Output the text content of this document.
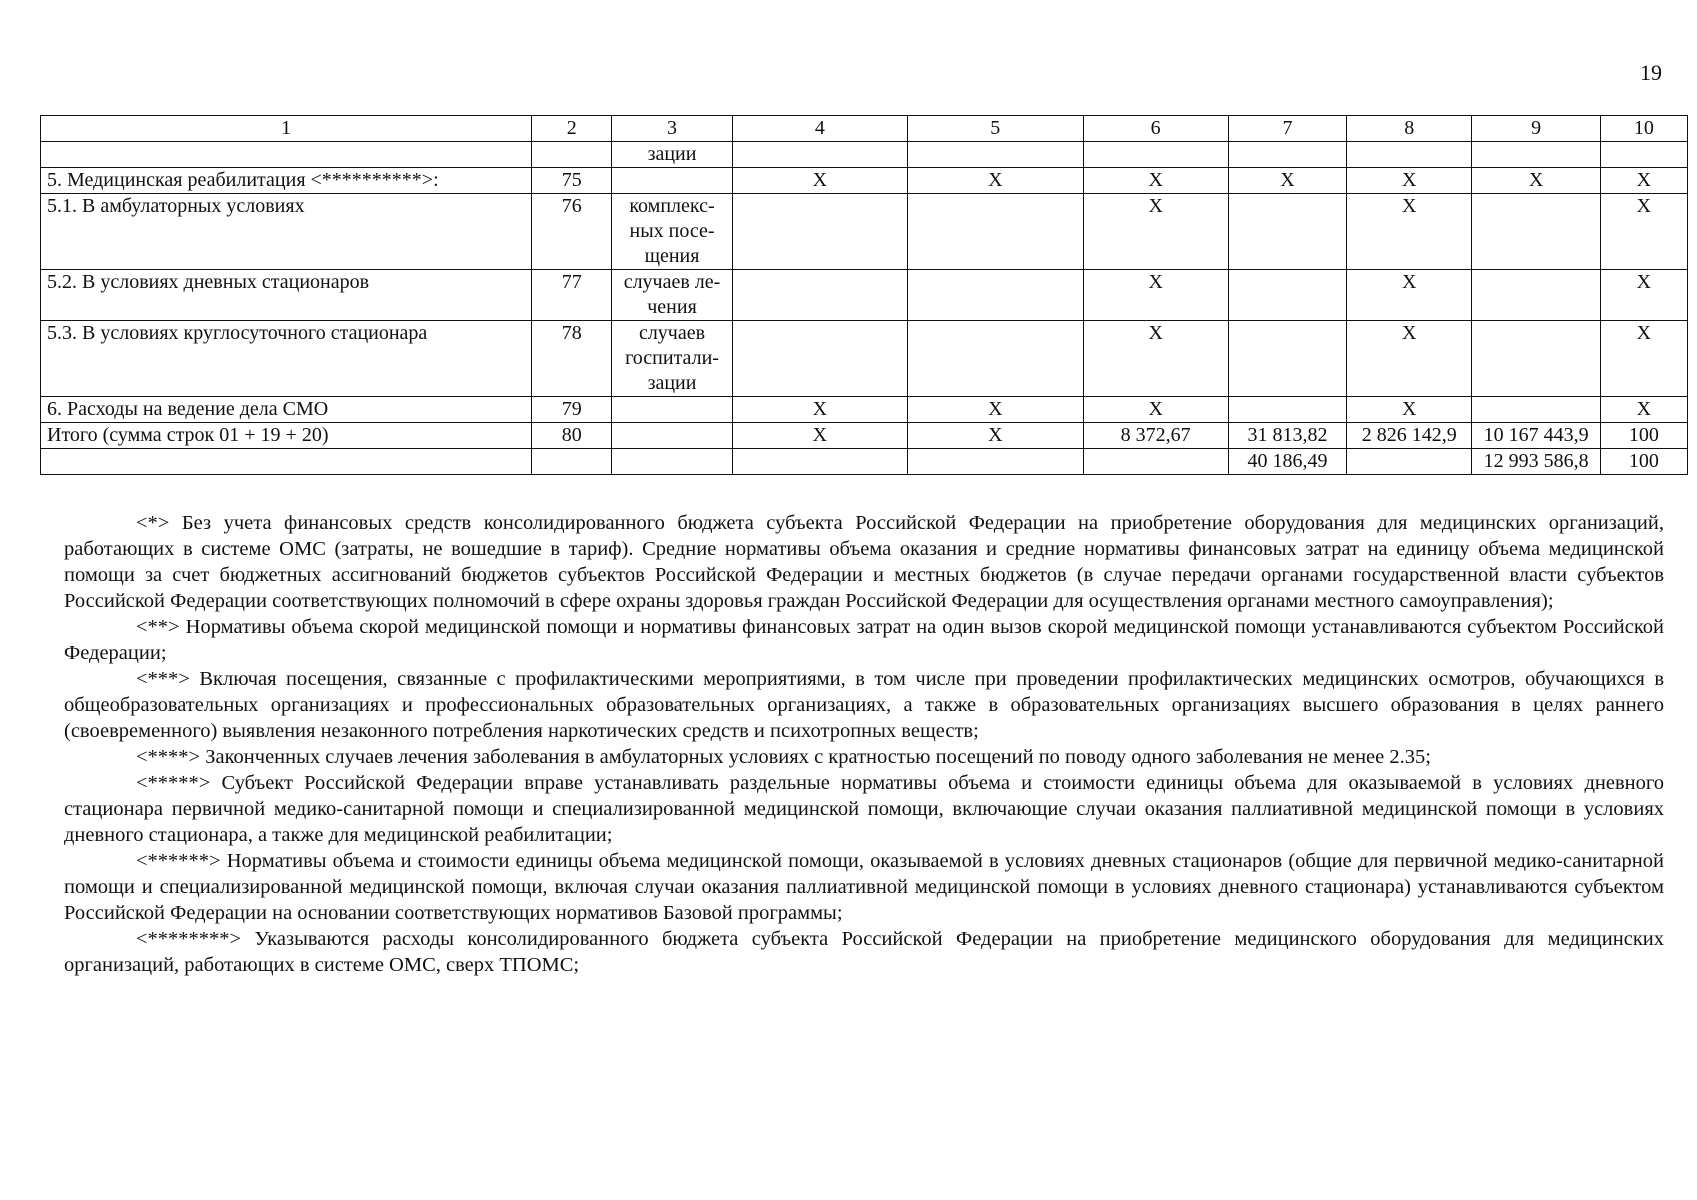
19
1	2	3	4	5	6	7	8	9	10
		зации							
5. Медицинская реабилитация <**********>:	75		X	X	X	X	X	X	X
5.1. В амбулаторных условиях	76	комплекс-
ных посе-
щения			X		X		X
5.2. В условиях дневных стационаров	77	случаев ле-
чения			X		X		X
5.3. В условиях круглосуточного стационара	78	случаев
госпитали-
зации			X		X		X
6. Расходы на ведение дела СМО	79		X	X	X		X		X
Итого (сумма строк 01 + 19 + 20)	80		X	X	8 372,67	31 813,82	2 826 142,9	10 167 443,9	100
						40 186,49		12 993 586,8	100

<*> Без учета финансовых средств консолидированного бюджета субъекта Российской Федерации на приобретение оборудования для медицинских организаций, работающих в системе ОМС (затраты, не вошедшие в тариф). Средние нормативы объема оказания и средние нормативы финансовых затрат на единицу объема медицинской помощи за счет бюджетных ассигнований бюджетов субъектов Российской Федерации и местных бюджетов (в случае передачи органами государственной власти субъектов Российской Федерации соответствующих полномочий в сфере охраны здоровья граждан Российской Федерации для осуществления органами местного самоуправления);

<**> Нормативы объема скорой медицинской помощи и нормативы финансовых затрат на один вызов скорой медицинской помощи устанавливаются субъектом Российской Федерации;

<***> Включая посещения, связанные с профилактическими мероприятиями, в том числе при проведении профилактических медицинских осмотров, обучающихся в общеобразовательных организациях и профессиональных образовательных организациях, а также в образовательных организациях высшего образования в целях раннего (своевременного) выявления незаконного потребления наркотических средств и психотропных веществ;

<****> Законченных случаев лечения заболевания в амбулаторных условиях с кратностью посещений по поводу одного заболевания не менее 2.35;

<*****> Субъект Российской Федерации вправе устанавливать раздельные нормативы объема и стоимости единицы объема для оказываемой в условиях дневного стационара первичной медико-санитарной помощи и специализированной медицинской помощи, включающие случаи оказания паллиативной медицинской помощи в условиях дневного стационара, а также для медицинской реабилитации;

<******> Нормативы объема и стоимости единицы объема медицинской помощи, оказываемой в условиях дневных стационаров (общие для первичной медико-санитарной помощи и специализированной медицинской помощи, включая случаи оказания паллиативной медицинской помощи в условиях дневного стационара) устанавливаются субъектом Российской Федерации на основании соответствующих нормативов Базовой программы;

<********> Указываются расходы консолидированного бюджета субъекта Российской Федерации на приобретение медицинского оборудования для медицинских организаций, работающих в системе ОМС, сверх ТПОМС;
